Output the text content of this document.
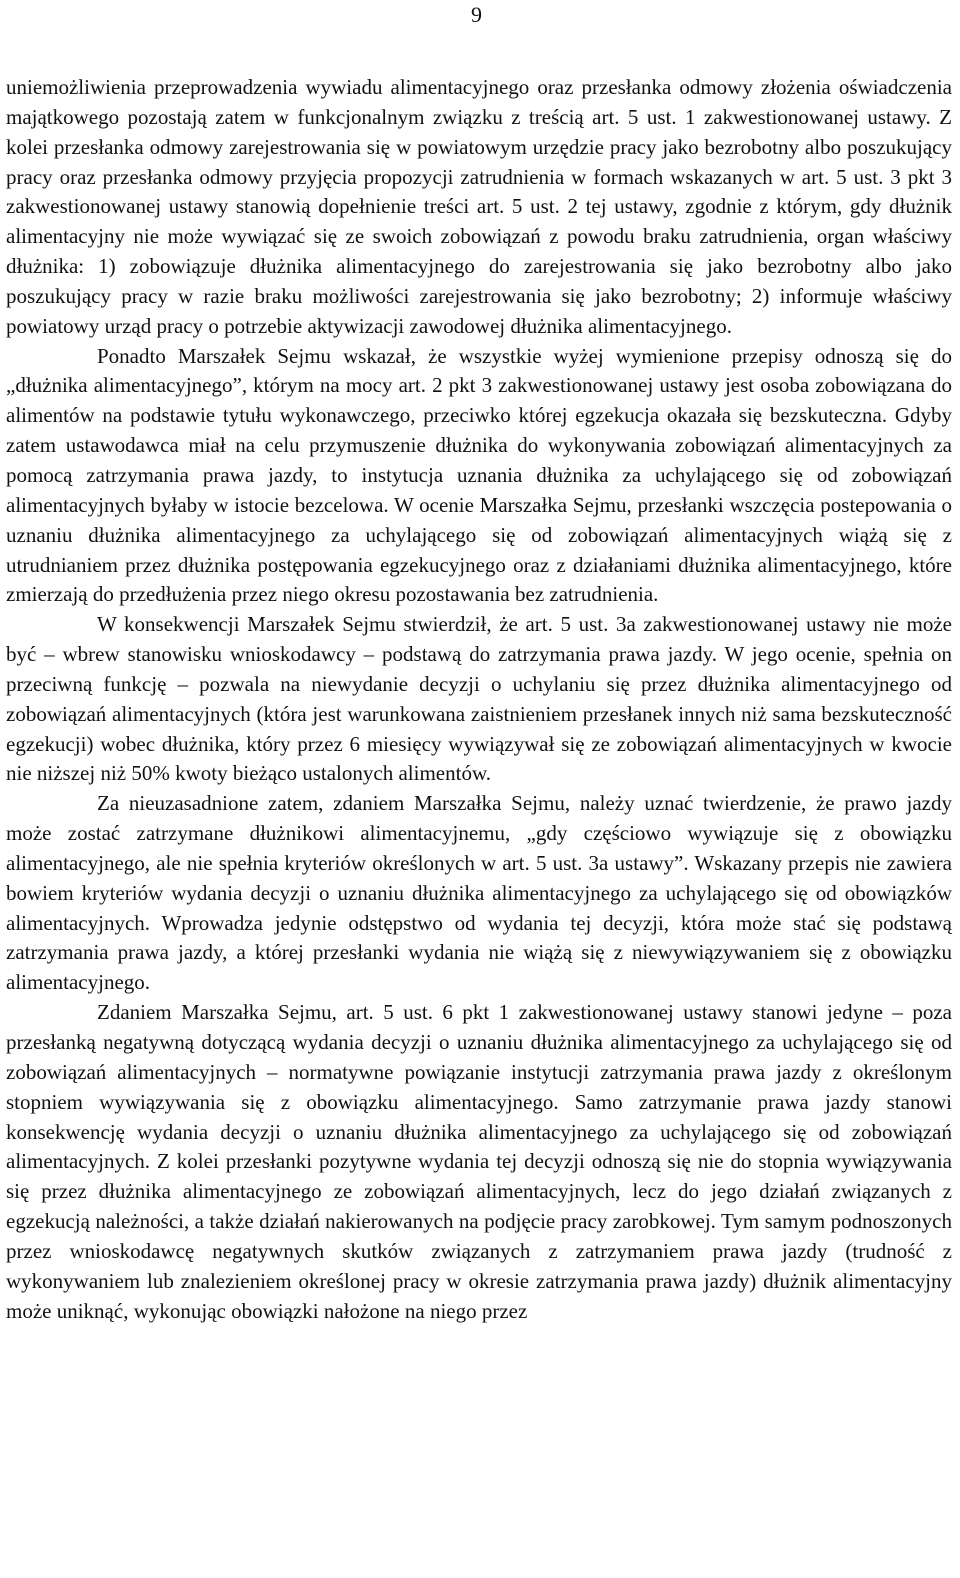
9

uniemożliwienia przeprowadzenia wywiadu alimentacyjnego oraz przesłanka odmowy złożenia oświadczenia majątkowego pozostają zatem w funkcjonalnym związku z treścią art. 5 ust. 1 zakwestionowanej ustawy. Z kolei przesłanka odmowy zarejestrowania się w powiatowym urzędzie pracy jako bezrobotny albo poszukujący pracy oraz przesłanka odmowy przyjęcia propozycji zatrudnienia w formach wskazanych w art. 5 ust. 3 pkt 3 zakwestionowanej ustawy stanowią dopełnienie treści art. 5 ust. 2 tej ustawy, zgodnie z którym, gdy dłużnik alimentacyjny nie może wywiązać się ze swoich zobowiązań z powodu braku zatrudnienia, organ właściwy dłużnika: 1) zobowiązuje dłużnika alimentacyjnego do zarejestrowania się jako bezrobotny albo jako poszukujący pracy w razie braku możliwości zarejestrowania się jako bezrobotny; 2) informuje właściwy powiatowy urząd pracy o potrzebie aktywizacji zawodowej dłużnika alimentacyjnego.

Ponadto Marszałek Sejmu wskazał, że wszystkie wyżej wymienione przepisy odnoszą się do „dłużnika alimentacyjnego”, którym na mocy art. 2 pkt 3 zakwestionowanej ustawy jest osoba zobowiązana do alimentów na podstawie tytułu wykonawczego, przeciwko której egzekucja okazała się bezskuteczna. Gdyby zatem ustawodawca miał na celu przymuszenie dłużnika do wykonywania zobowiązań alimentacyjnych za pomocą zatrzymania prawa jazdy, to instytucja uznania dłużnika za uchylającego się od zobowiązań alimentacyjnych byłaby w istocie bezcelowa. W ocenie Marszałka Sejmu, przesłanki wszczęcia postepowania o uznaniu dłużnika alimentacyjnego za uchylającego się od zobowiązań alimentacyjnych wiążą się z utrudnianiem przez dłużnika postępowania egzekucyjnego oraz z działaniami dłużnika alimentacyjnego, które zmierzają do przedłużenia przez niego okresu pozostawania bez zatrudnienia.

W konsekwencji Marszałek Sejmu stwierdził, że art. 5 ust. 3a zakwestionowanej ustawy nie może być – wbrew stanowisku wnioskodawcy – podstawą do zatrzymania prawa jazdy. W jego ocenie, spełnia on przeciwną funkcję – pozwala na niewydanie decyzji o uchylaniu się przez dłużnika alimentacyjnego od zobowiązań alimentacyjnych (która jest warunkowana zaistnieniem przesłanek innych niż sama bezskuteczność egzekucji) wobec dłużnika, który przez 6 miesięcy wywiązywał się ze zobowiązań alimentacyjnych w kwocie nie niższej niż 50% kwoty bieżąco ustalonych alimentów.

Za nieuzasadnione zatem, zdaniem Marszałka Sejmu, należy uznać twierdzenie, że prawo jazdy może zostać zatrzymane dłużnikowi alimentacyjnemu, „gdy częściowo wywiązuje się z obowiązku alimentacyjnego, ale nie spełnia kryteriów określonych w art. 5 ust. 3a ustawy”. Wskazany przepis nie zawiera bowiem kryteriów wydania decyzji o uznaniu dłużnika alimentacyjnego za uchylającego się od obowiązków alimentacyjnych. Wprowadza jedynie odstępstwo od wydania tej decyzji, która może stać się podstawą zatrzymania prawa jazdy, a której przesłanki wydania nie wiążą się z niewywiązywaniem się z obowiązku alimentacyjnego.

Zdaniem Marszałka Sejmu, art. 5 ust. 6 pkt 1 zakwestionowanej ustawy stanowi jedyne – poza przesłanką negatywną dotyczącą wydania decyzji o uznaniu dłużnika alimentacyjnego za uchylającego się od zobowiązań alimentacyjnych – normatywne powiązanie instytucji zatrzymania prawa jazdy z określonym stopniem wywiązywania się z obowiązku alimentacyjnego. Samo zatrzymanie prawa jazdy stanowi konsekwencję wydania decyzji o uznaniu dłużnika alimentacyjnego za uchylającego się od zobowiązań alimentacyjnych. Z kolei przesłanki pozytywne wydania tej decyzji odnoszą się nie do stopnia wywiązywania się przez dłużnika alimentacyjnego ze zobowiązań alimentacyjnych, lecz do jego działań związanych z egzekucją należności, a także działań nakierowanych na podjęcie pracy zarobkowej. Tym samym podnoszonych przez wnioskodawcę negatywnych skutków związanych z zatrzymaniem prawa jazdy (trudność z wykonywaniem lub znalezieniem określonej pracy w okresie zatrzymania prawa jazdy) dłużnik alimentacyjny może uniknąć, wykonując obowiązki nałożone na niego przez
